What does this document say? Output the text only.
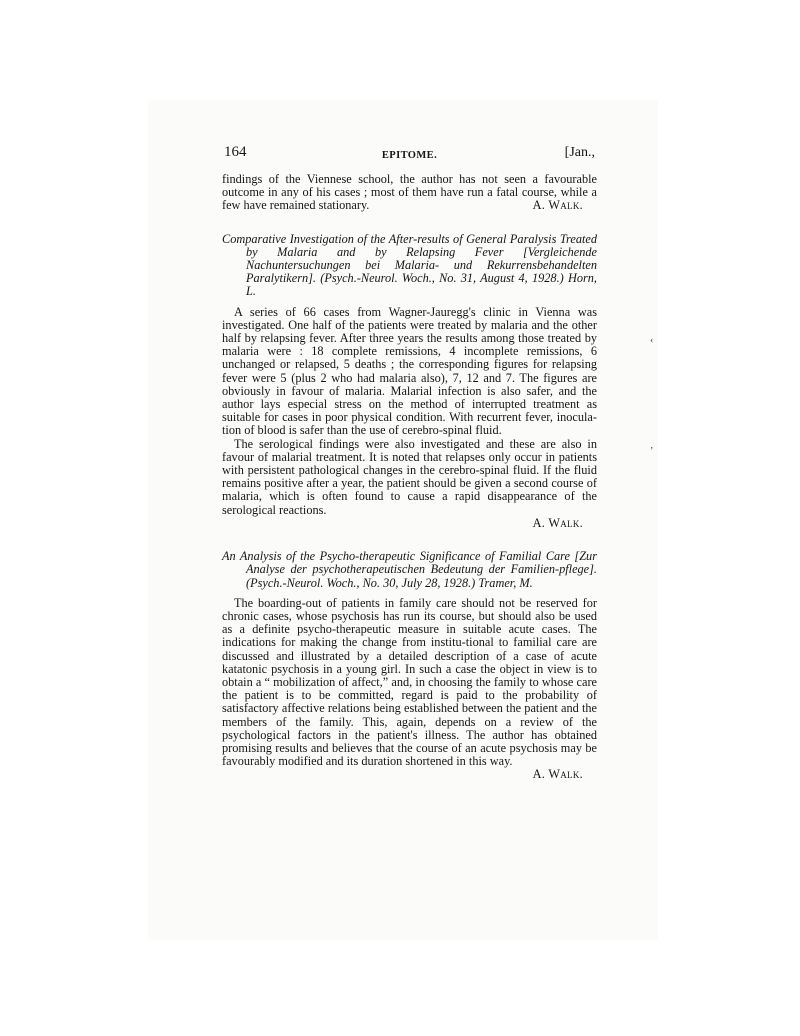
164	EPITOME.	[Jan.,

findings of the Viennese school, the author has not seen a favourable outcome in any of his cases ; most of them have run a fatal course, while a few have remained stationary.	A. Walk.

Comparative Investigation of the After-results of General Paralysis Treated by Malaria and by Relapsing Fever [Vergleichende Nachuntersuchungen bei Malaria- und Rekurrensbehandelten Paralytikern]. (Psych.-Neurol. Woch., No. 31, August 4, 1928.) Horn, L.

A series of 66 cases from Wagner-Jauregg's clinic in Vienna was investigated. One half of the patients were treated by malaria and the other half by relapsing fever. After three years the results among those treated by malaria were : 18 complete remissions, 4 incomplete remissions, 6 unchanged or relapsed, 5 deaths ; the corresponding figures for relapsing fever were 5 (plus 2 who had malaria also), 7, 12 and 7. The figures are obviously in favour of malaria. Malarial infection is also safer, and the author lays especial stress on the method of interrupted treatment as suitable for cases in poor physical condition. With recurrent fever, inocula-tion of blood is safer than the use of cerebro-spinal fluid.

The serological findings were also investigated and these are also in favour of malarial treatment. It is noted that relapses only occur in patients with persistent pathological changes in the cerebro-spinal fluid. If the fluid remains positive after a year, the patient should be given a second course of malaria, which is often found to cause a rapid disappearance of the serological reactions.

A. Walk.

An Analysis of the Psycho-therapeutic Significance of Familial Care [Zur Analyse der psychotherapeutischen Bedeutung der Familien-pflege]. (Psych.-Neurol. Woch., No. 30, July 28, 1928.) Tramer, M.

The boarding-out of patients in family care should not be reserved for chronic cases, whose psychosis has run its course, but should also be used as a definite psycho-therapeutic measure in suitable acute cases. The indications for making the change from institu-tional to familial care are discussed and illustrated by a detailed description of a case of acute katatonic psychosis in a young girl. In such a case the object in view is to obtain a “ mobilization of affect,” and, in choosing the family to whose care the patient is to be committed, regard is paid to the probability of satisfactory affective relations being established between the patient and the members of the family. This, again, depends on a review of the psychological factors in the patient's illness. The author has obtained promising results and believes that the course of an acute psychosis may be favourably modified and its duration shortened in this way.

A. Walk.

‹
’
